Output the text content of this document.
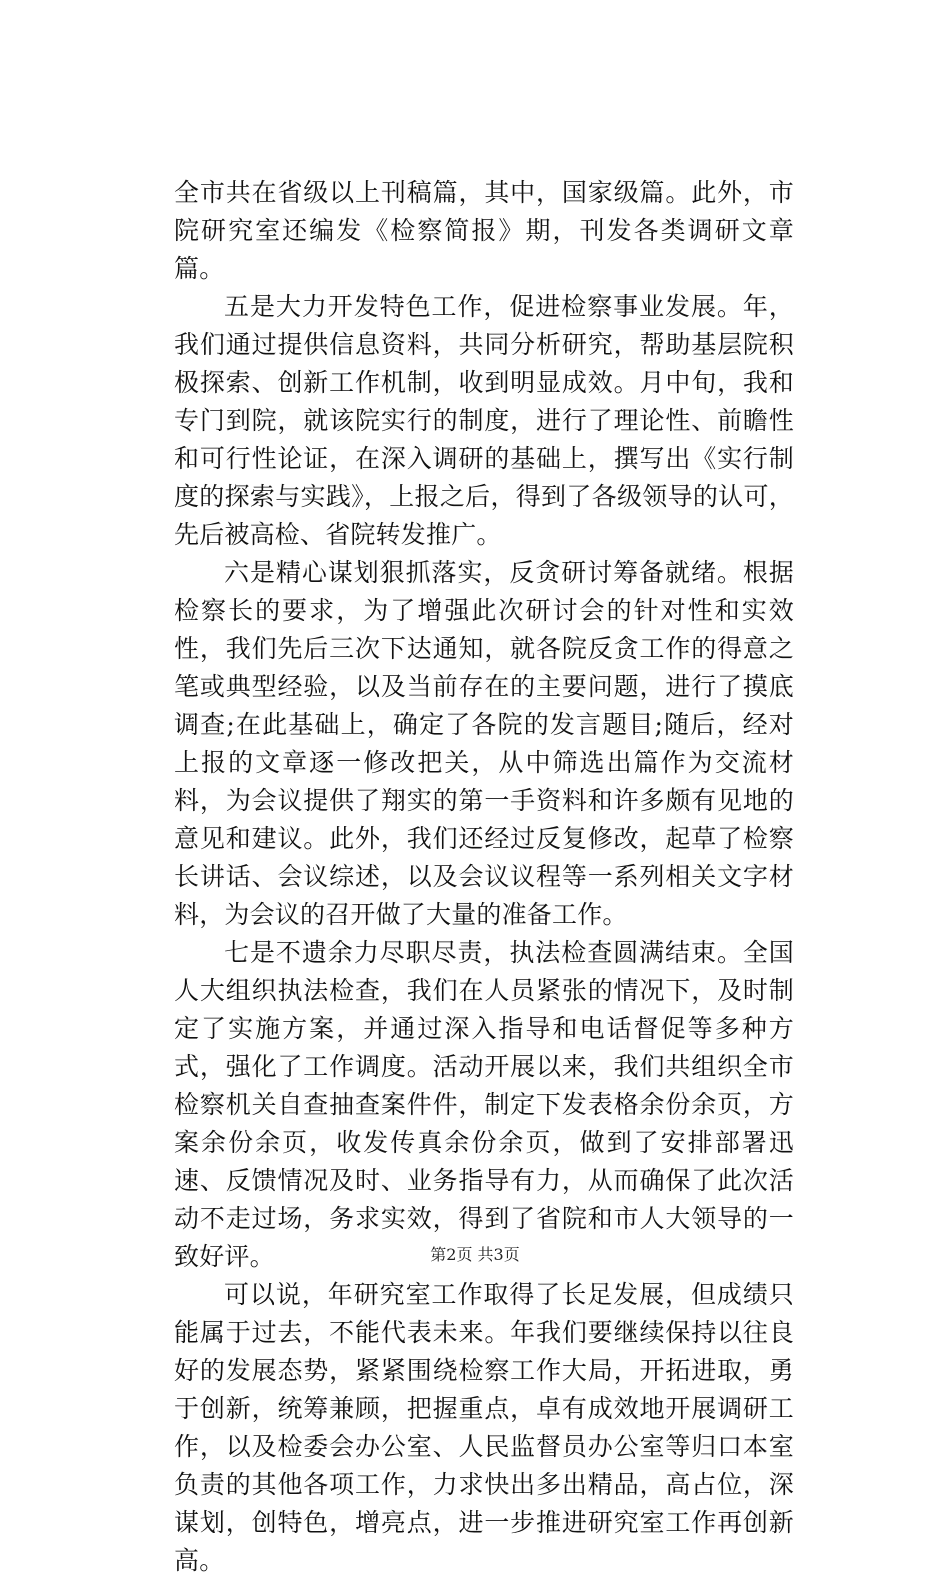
全市共在省级以上刊稿篇，其中，国家级篇。此外，市院研究室还编发《检察简报》期，刊发各类调研文章篇。

五是大力开发特色工作，促进检察事业发展。年，我们通过提供信息资料，共同分析研究，帮助基层院积极探索、创新工作机制，收到明显成效。月中旬，我和专门到院，就该院实行的制度，进行了理论性、前瞻性和可行性论证，在深入调研的基础上，撰写出《实行制度的探索与实践》，上报之后，得到了各级领导的认可，先后被高检、省院转发推广。

六是精心谋划狠抓落实，反贪研讨筹备就绪。根据检察长的要求，为了增强此次研讨会的针对性和实效性，我们先后三次下达通知，就各院反贪工作的得意之笔或典型经验，以及当前存在的主要问题，进行了摸底调查;在此基础上，确定了各院的发言题目;随后，经对上报的文章逐一修改把关，从中筛选出篇作为交流材料，为会议提供了翔实的第一手资料和许多颇有见地的意见和建议。此外，我们还经过反复修改，起草了检察长讲话、会议综述，以及会议议程等一系列相关文字材料，为会议的召开做了大量的准备工作。

七是不遗余力尽职尽责，执法检查圆满结束。全国人大组织执法检查，我们在人员紧张的情况下，及时制定了实施方案，并通过深入指导和电话督促等多种方式，强化了工作调度。活动开展以来，我们共组织全市检察机关自查抽查案件件，制定下发表格余份余页，方案余份余页，收发传真余份余页，做到了安排部署迅速、反馈情况及时、业务指导有力，从而确保了此次活动不走过场，务求实效，得到了省院和市人大领导的一致好评。

可以说，年研究室工作取得了长足发展，但成绩只能属于过去，不能代表未来。年我们要继续保持以往良好的发展态势，紧紧围绕检察工作大局，开拓进取，勇于创新，统筹兼顾，把握重点，卓有成效地开展调研工作，以及检委会办公室、人民监督员办公室等归口本室负责的其他各项工作，力求快出多出精品，高占位，深谋划，创特色，增亮点，进一步推进研究室工作再创新高。

第2页 共3页
